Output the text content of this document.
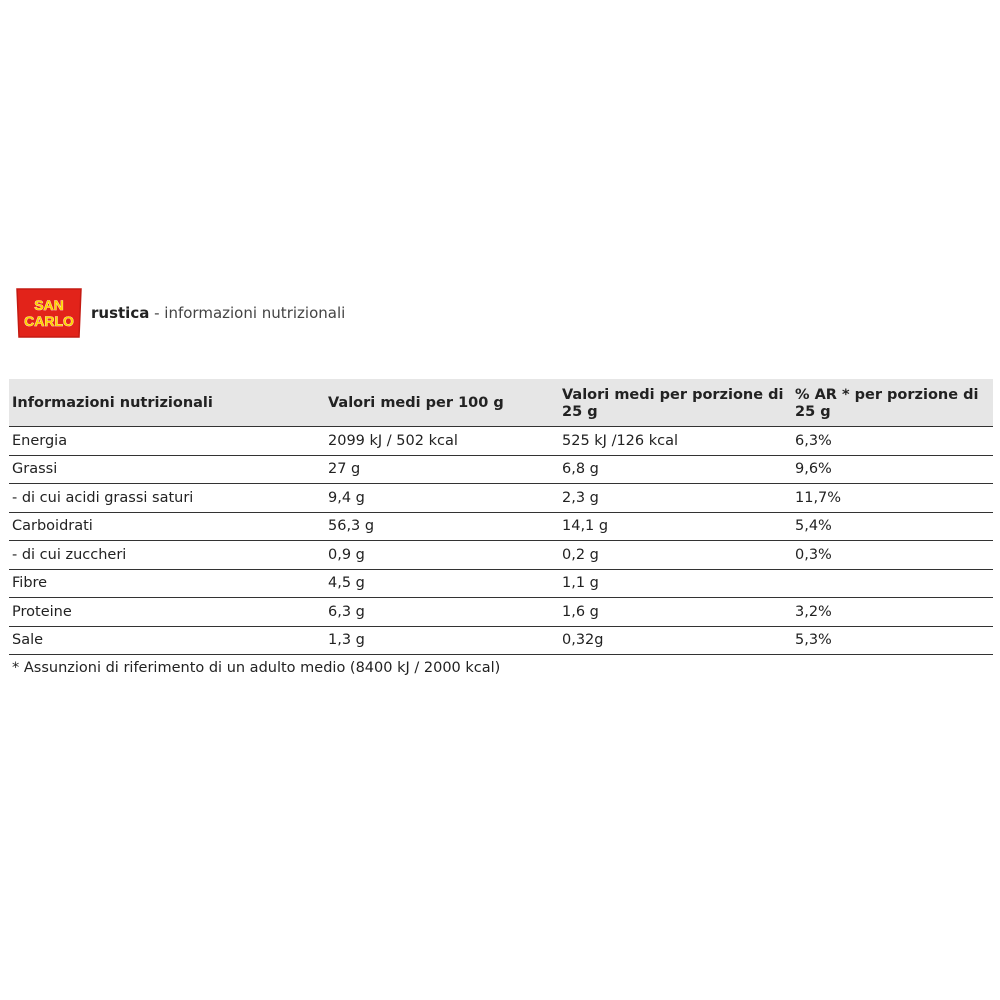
SAN
CARLO rustica - informazioni nutrizionali
Informazioni nutrizionali	Valori medi per 100 g	Valori medi per porzione di 25 g	% AR * per porzione di 25 g
Energia	2099 kJ / 502 kcal	525 kJ /126 kcal	6,3%
Grassi	27 g	6,8 g	9,6%
- di cui acidi grassi saturi	9,4 g	2,3 g	11,7%
Carboidrati	56,3 g	14,1 g	5,4%
- di cui zuccheri	0,9 g	0,2 g	0,3%
Fibre	4,5 g	1,1 g	
Proteine	6,3 g	1,6 g	3,2%
Sale	1,3 g	0,32g	5,3%
* Assunzioni di riferimento di un adulto medio (8400 kJ / 2000 kcal)
